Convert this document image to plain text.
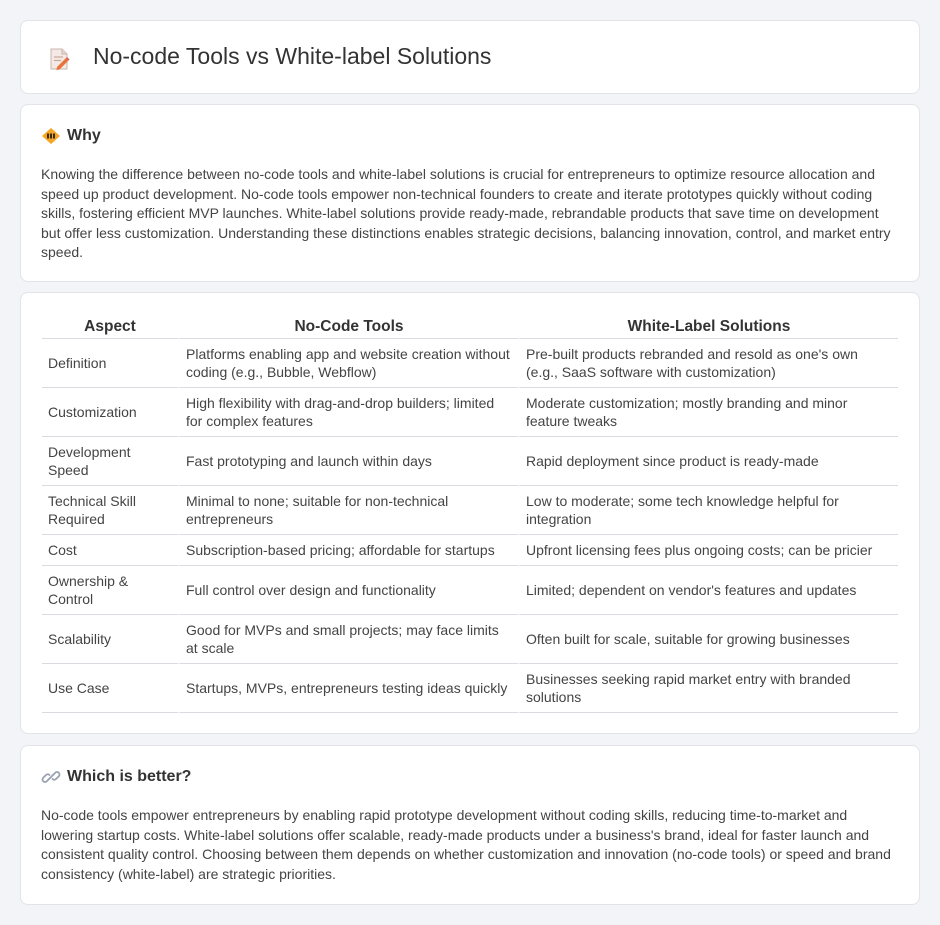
No-code Tools vs White-label Solutions
Why

Knowing the difference between no-code tools and white-label solutions is crucial for entrepreneurs to optimize resource allocation and speed up product development. No-code tools empower non-technical founders to create and iterate prototypes quickly without coding skills, fostering efficient MVP launches. White-label solutions provide ready-made, rebrandable products that save time on development but offer less customization. Understanding these distinctions enables strategic decisions, balancing innovation, control, and market entry speed.

Aspect	No-Code Tools	White-Label Solutions
Definition	Platforms enabling app and website creation without coding (e.g., Bubble, Webflow)	Pre-built products rebranded and resold as one's own (e.g., SaaS software with customization)
Customization	High flexibility with drag-and-drop builders; limited for complex features	Moderate customization; mostly branding and minor feature tweaks
Development Speed	Fast prototyping and launch within days	Rapid deployment since product is ready-made
Technical Skill Required	Minimal to none; suitable for non-technical entrepreneurs	Low to moderate; some tech knowledge helpful for integration
Cost	Subscription-based pricing; affordable for startups	Upfront licensing fees plus ongoing costs; can be pricier
Ownership & Control	Full control over design and functionality	Limited; dependent on vendor's features and updates
Scalability	Good for MVPs and small projects; may face limits at scale	Often built for scale, suitable for growing businesses
Use Case	Startups, MVPs, entrepreneurs testing ideas quickly	Businesses seeking rapid market entry with branded solutions
Which is better?

No-code tools empower entrepreneurs by enabling rapid prototype development without coding skills, reducing time-to-market and lowering startup costs. White-label solutions offer scalable, ready-made products under a business's brand, ideal for faster launch and consistent quality control. Choosing between them depends on whether customization and innovation (no-code tools) or speed and brand consistency (white-label) are strategic priorities.
